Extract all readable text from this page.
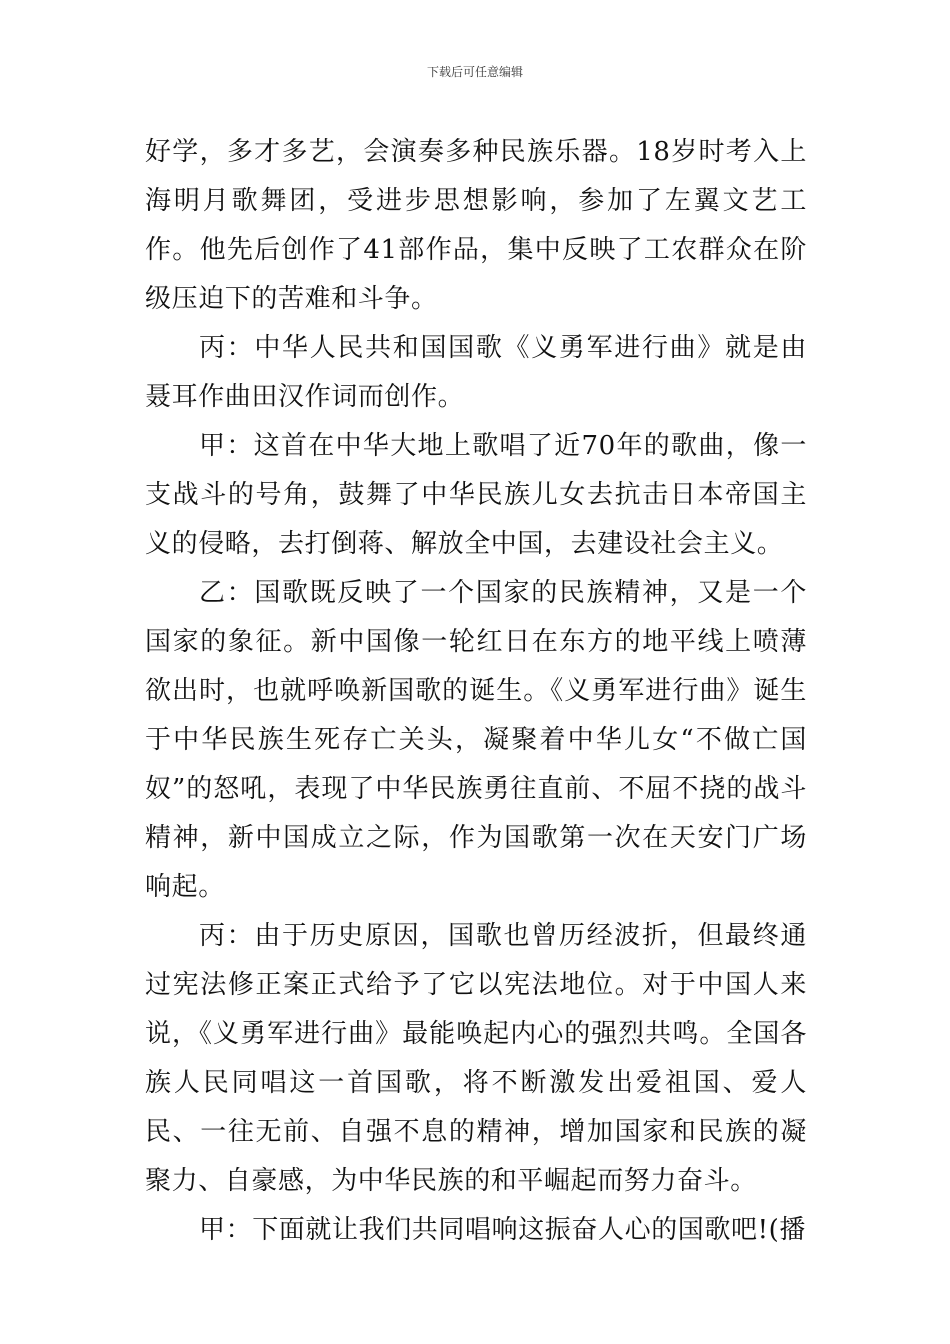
下载后可任意编辑

好学，多才多艺，会演奏多种民族乐器。18岁时考入上海明月歌舞团，受进步思想影响，参加了左翼文艺工作。他先后创作了41部作品，集中反映了工农群众在阶级压迫下的苦难和斗争。

丙：中华人民共和国国歌《义勇军进行曲》就是由聂耳作曲田汉作词而创作。

甲：这首在中华大地上歌唱了近70年的歌曲，像一支战斗的号角，鼓舞了中华民族儿女去抗击日本帝国主义的侵略，去打倒蒋、解放全中国，去建设社会主义。

乙：国歌既反映了一个国家的民族精神，又是一个国家的象征。新中国像一轮红日在东方的地平线上喷薄欲出时，也就呼唤新国歌的诞生。《义勇军进行曲》诞生于中华民族生死存亡关头，凝聚着中华儿女“不做亡国奴”的怒吼，表现了中华民族勇往直前、不屈不挠的战斗精神，新中国成立之际，作为国歌第一次在天安门广场响起。

丙：由于历史原因，国歌也曾历经波折，但最终通过宪法修正案正式给予了它以宪法地位。对于中国人来说，《义勇军进行曲》最能唤起内心的强烈共鸣。全国各族人民同唱这一首国歌，将不断激发出爱祖国、爱人民、一往无前、自强不息的精神，增加国家和民族的凝聚力、自豪感，为中华民族的和平崛起而努力奋斗。

甲：下面就让我们共同唱响这振奋人心的国歌吧!(播
